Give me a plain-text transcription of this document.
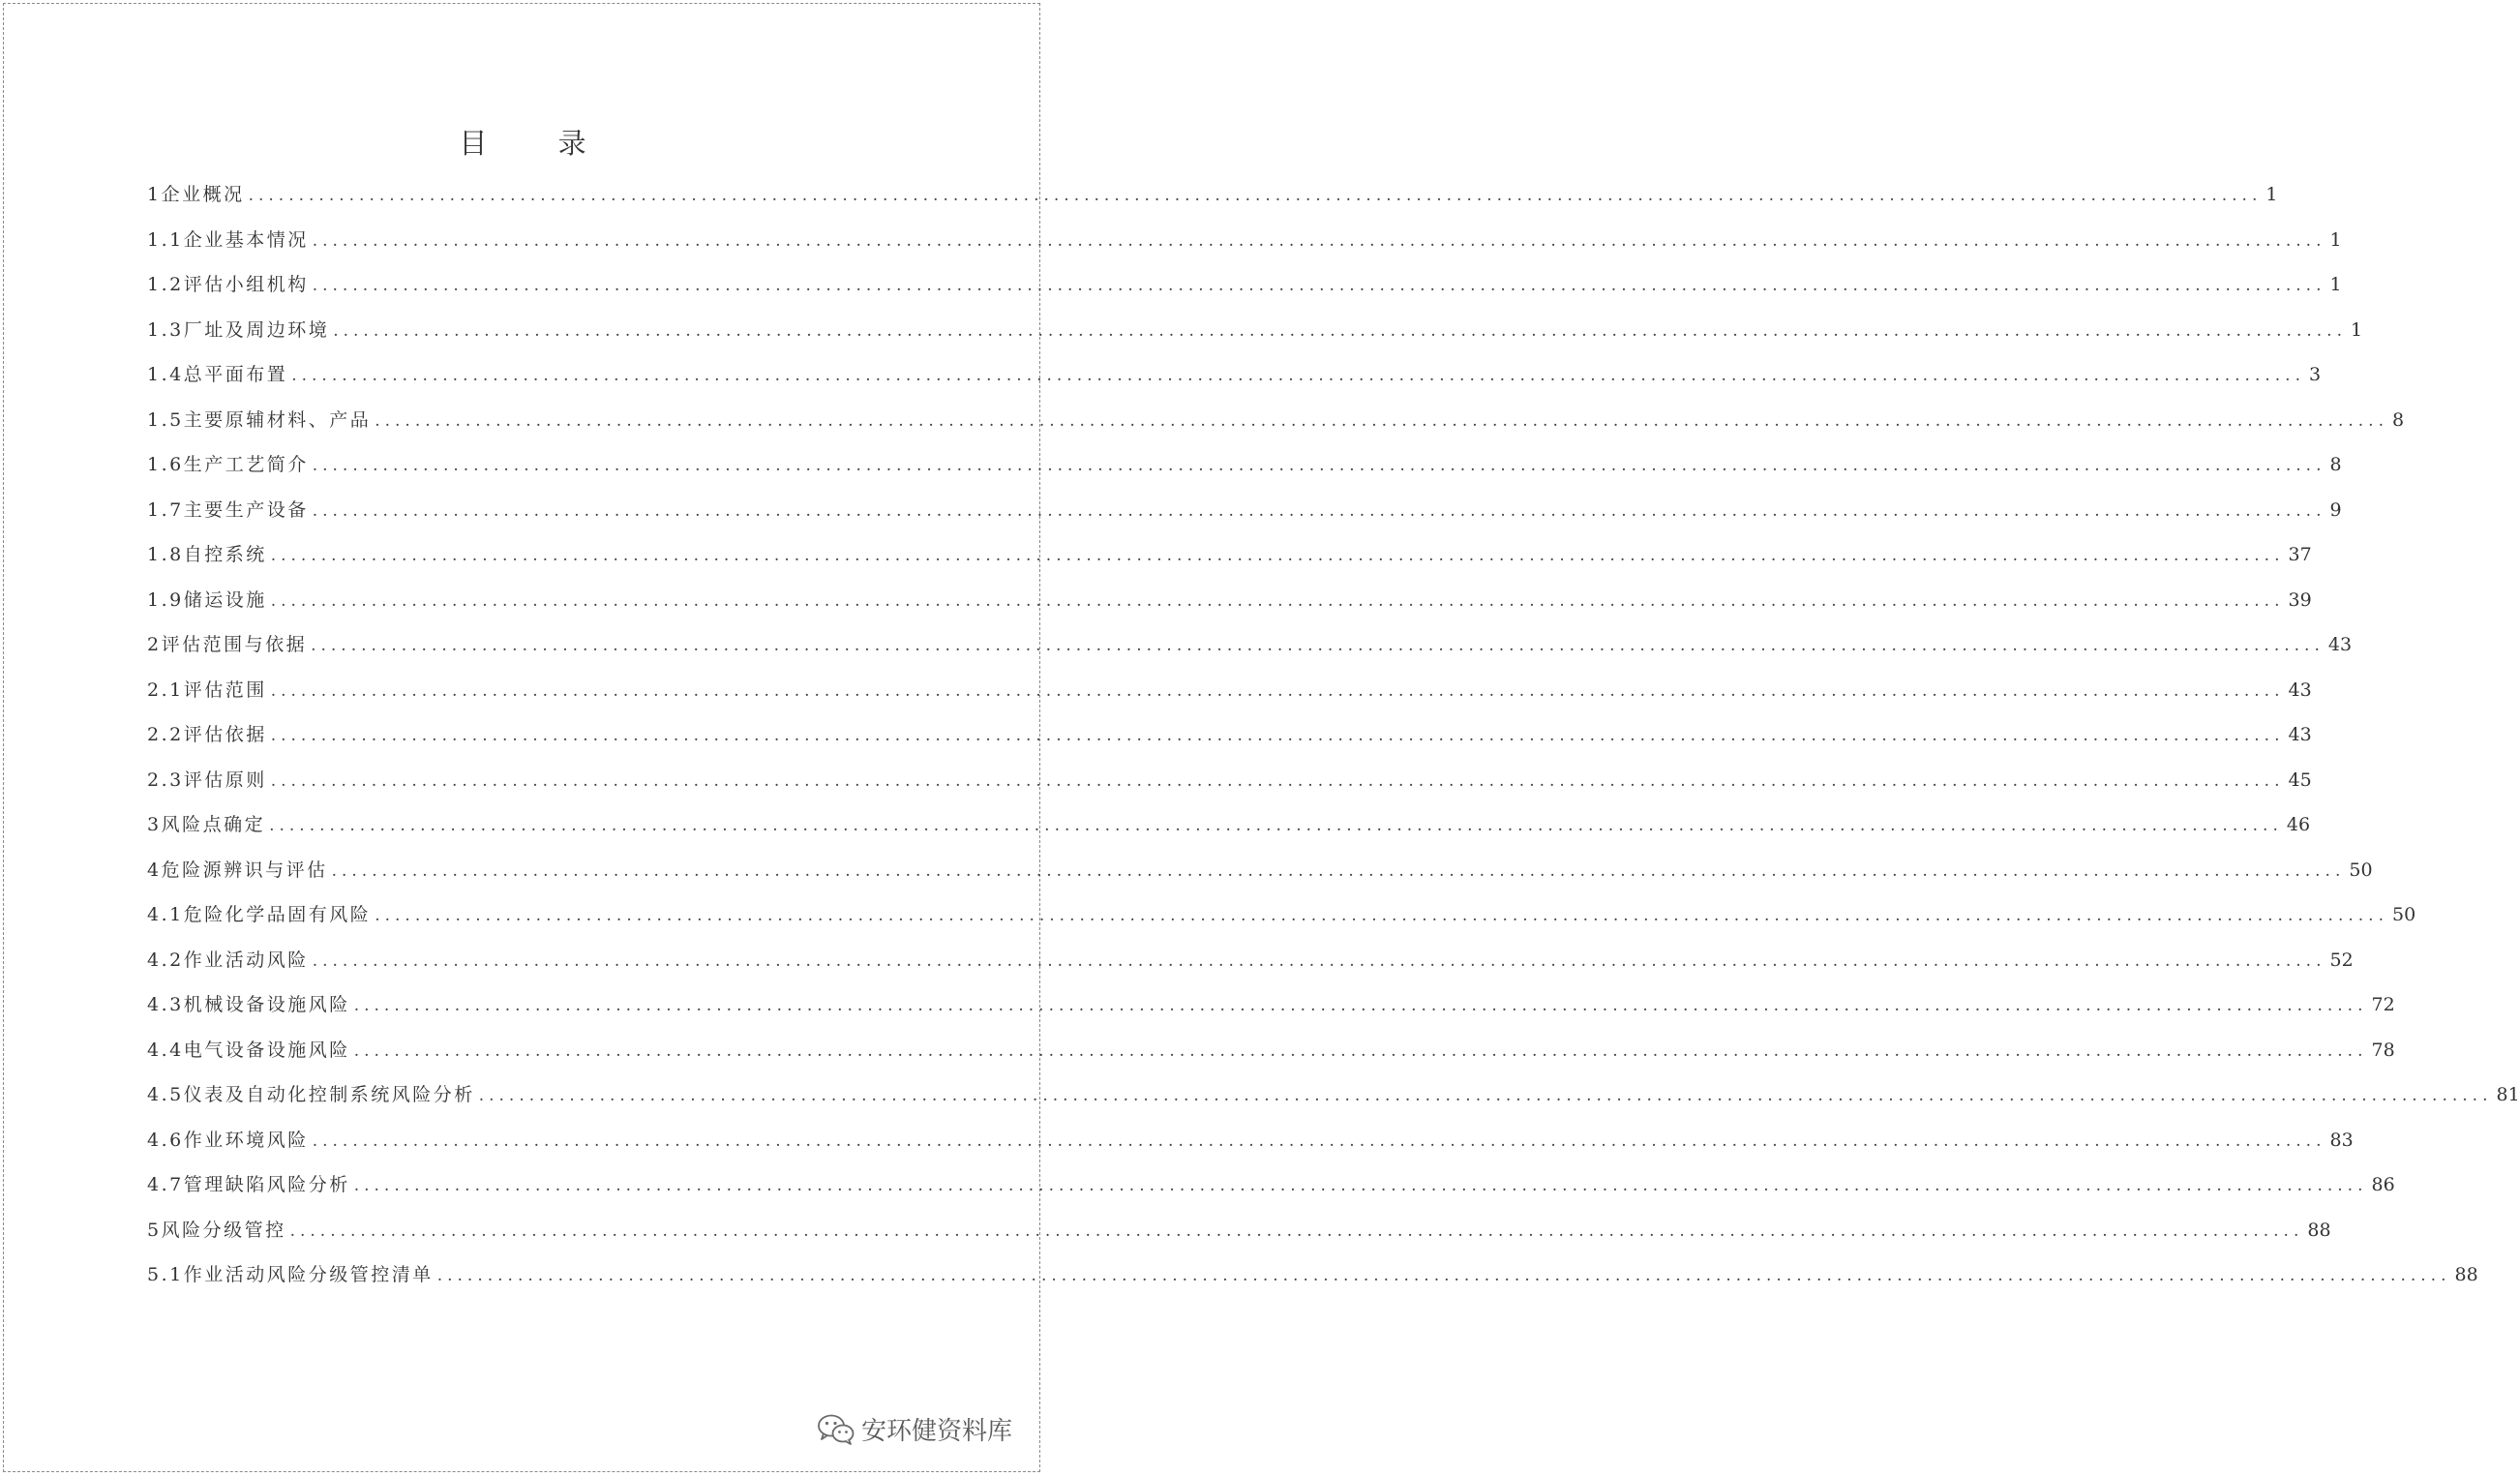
目 录
1企业概况 ........................................................................................................................................................................................................ 1
1.1企业基本情况 ........................................................................................................................................................................................................ 1
1.2评估小组机构 ........................................................................................................................................................................................................ 1
1.3厂址及周边环境 ........................................................................................................................................................................................................ 1
1.4总平面布置 ........................................................................................................................................................................................................ 3
1.5主要原辅材料、产品 ........................................................................................................................................................................................................ 8
1.6生产工艺简介 ........................................................................................................................................................................................................ 8
1.7主要生产设备 ........................................................................................................................................................................................................ 9
1.8自控系统 ........................................................................................................................................................................................................ 37
1.9储运设施 ........................................................................................................................................................................................................ 39
2评估范围与依据 ........................................................................................................................................................................................................ 43
2.1评估范围 ........................................................................................................................................................................................................ 43
2.2评估依据 ........................................................................................................................................................................................................ 43
2.3评估原则 ........................................................................................................................................................................................................ 45
3风险点确定 ........................................................................................................................................................................................................ 46
4危险源辨识与评估 ........................................................................................................................................................................................................ 50
4.1危险化学品固有风险 ........................................................................................................................................................................................................ 50
4.2作业活动风险 ........................................................................................................................................................................................................ 52
4.3机械设备设施风险 ........................................................................................................................................................................................................ 72
4.4电气设备设施风险 ........................................................................................................................................................................................................ 78
4.5仪表及自动化控制系统风险分析 ........................................................................................................................................................................................................ 81
4.6作业环境风险 ........................................................................................................................................................................................................ 83
4.7管理缺陷风险分析 ........................................................................................................................................................................................................ 86
5风险分级管控 ........................................................................................................................................................................................................ 88
5.1作业活动风险分级管控清单 ........................................................................................................................................................................................................ 88
安环健资料库
